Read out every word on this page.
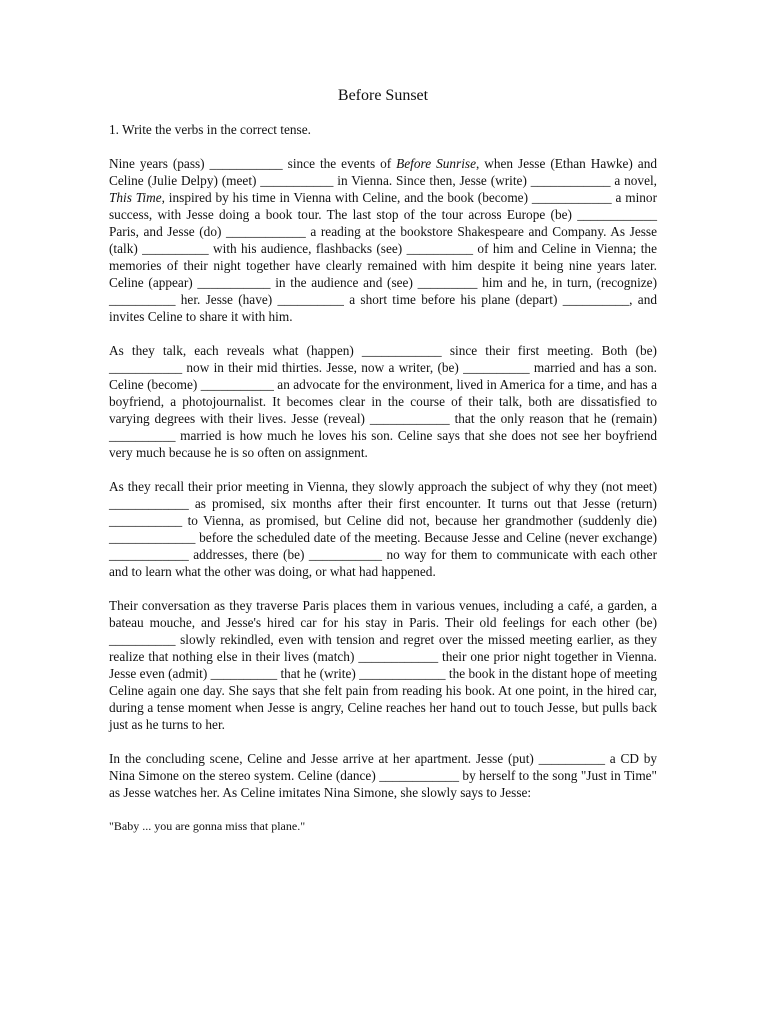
Before Sunset
1. Write the verbs in the correct tense.

Nine years (pass) ___________ since the events of Before Sunrise, when Jesse (Ethan Hawke) and Celine (Julie Delpy) (meet) ___________ in Vienna. Since then, Jesse (write) ____________ a novel, This Time, inspired by his time in Vienna with Celine, and the book (become) ____________ a minor success, with Jesse doing a book tour. The last stop of the tour across Europe (be) ____________ Paris, and Jesse (do) ____________ a reading at the bookstore Shakespeare and Company. As Jesse (talk) __________ with his audience, flashbacks (see) __________ of him and Celine in Vienna; the memories of their night together have clearly remained with him despite it being nine years later. Celine (appear) ___________ in the audience and (see) _________ him and he, in turn, (recognize) __________ her. Jesse (have) __________ a short time before his plane (depart) __________, and invites Celine to share it with him.

As they talk, each reveals what (happen) ____________ since their first meeting. Both (be) ___________ now in their mid thirties. Jesse, now a writer, (be) __________ married and has a son. Celine (become) ___________ an advocate for the environment, lived in America for a time, and has a boyfriend, a photojournalist. It becomes clear in the course of their talk, both are dissatisfied to varying degrees with their lives. Jesse (reveal) ____________ that the only reason that he (remain) __________ married is how much he loves his son. Celine says that she does not see her boyfriend very much because he is so often on assignment.

As they recall their prior meeting in Vienna, they slowly approach the subject of why they (not meet) ____________ as promised, six months after their first encounter. It turns out that Jesse (return) ___________ to Vienna, as promised, but Celine did not, because her grandmother (suddenly die) _____________ before the scheduled date of the meeting. Because Jesse and Celine (never exchange) ____________ addresses, there (be) ___________ no way for them to communicate with each other and to learn what the other was doing, or what had happened.

Their conversation as they traverse Paris places them in various venues, including a café, a garden, a bateau mouche, and Jesse's hired car for his stay in Paris. Their old feelings for each other (be) __________ slowly rekindled, even with tension and regret over the missed meeting earlier, as they realize that nothing else in their lives (match) ____________ their one prior night together in Vienna. Jesse even (admit) __________ that he (write) _____________ the book in the distant hope of meeting Celine again one day. She says that she felt pain from reading his book. At one point, in the hired car, during a tense moment when Jesse is angry, Celine reaches her hand out to touch Jesse, but pulls back just as he turns to her.

In the concluding scene, Celine and Jesse arrive at her apartment. Jesse (put) __________ a CD by Nina Simone on the stereo system. Celine (dance) ____________ by herself to the song "Just in Time" as Jesse watches her. As Celine imitates Nina Simone, she slowly says to Jesse:

"Baby ... you are gonna miss that plane."
